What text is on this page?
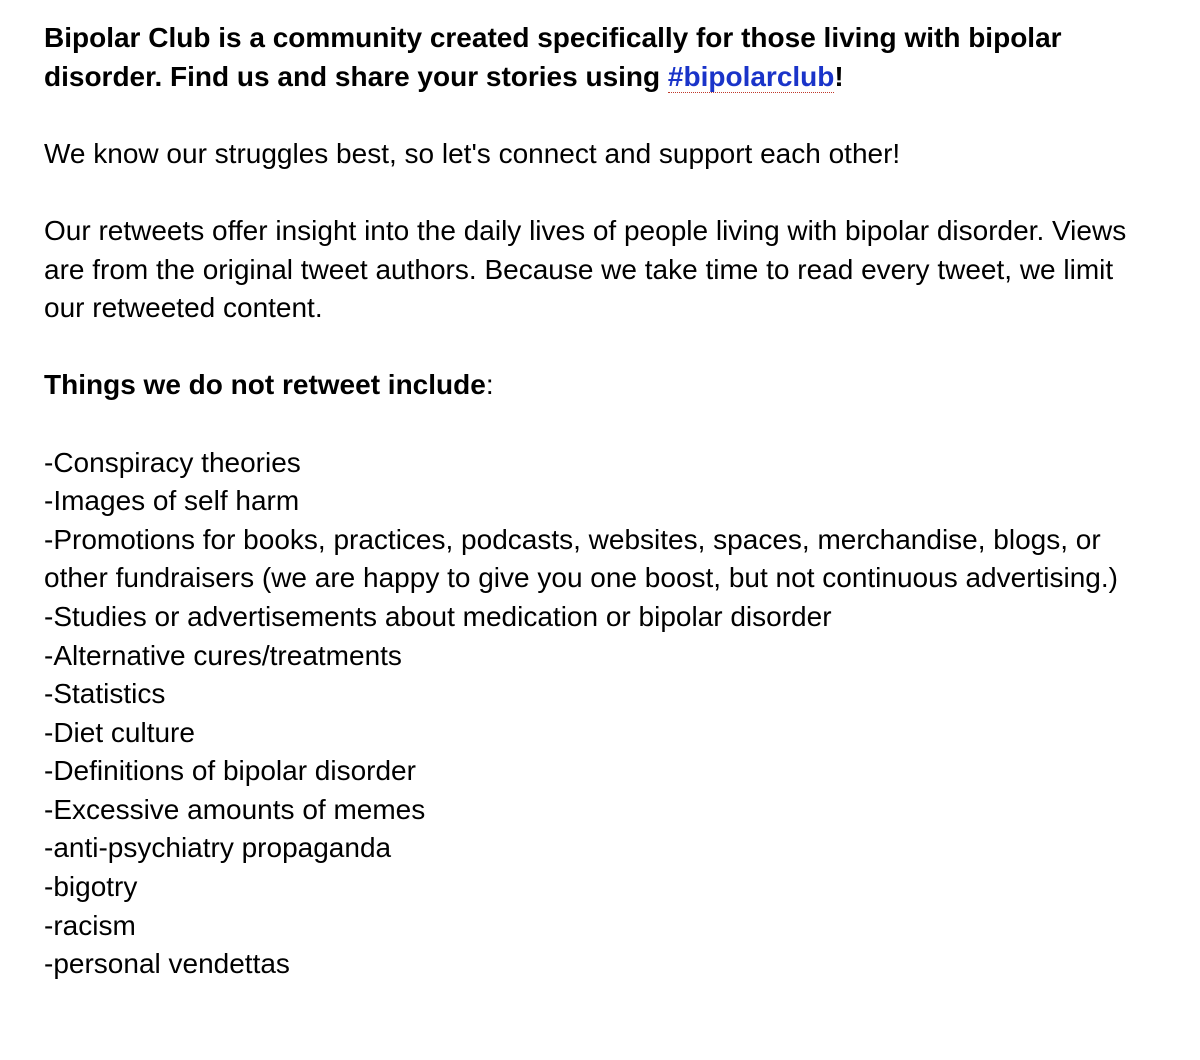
Bipolar Club is a community created specifically for those living with bipolar disorder. Find us and share your stories using #bipolarclub!

We know our struggles best, so let's connect and support each other!

Our retweets offer insight into the daily lives of people living with bipolar disorder. Views are from the original tweet authors. Because we take time to read every tweet, we limit our retweeted content.

Things we do not retweet include:

-Conspiracy theories

-Images of self harm

-Promotions for books, practices, podcasts, websites, spaces, merchandise, blogs, or other fundraisers (we are happy to give you one boost, but not continuous advertising.)

-Studies or advertisements about medication or bipolar disorder

-Alternative cures/treatments

-Statistics

-Diet culture

-Definitions of bipolar disorder

-Excessive amounts of memes

-anti-psychiatry propaganda

-bigotry

-racism

-personal vendettas
